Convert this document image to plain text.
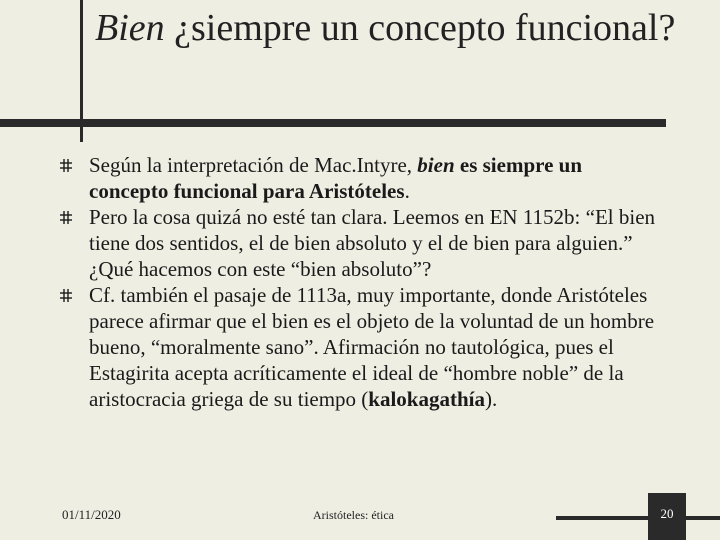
Bien ¿siempre un concepto funcional?
Según la interpretación de Mac.Intyre, bien es siempre un concepto funcional para Aristóteles.
Pero la cosa quizá no esté tan clara. Leemos en EN 1152b: “El bien tiene dos sentidos, el de bien absoluto y el de bien para alguien.” ¿Qué hacemos con este “bien absoluto”?
Cf. también el pasaje de 1113a, muy importante, donde Aristóteles parece afirmar que el bien es el objeto de la voluntad de un hombre bueno, “moralmente sano”. Afirmación no tautológica, pues el Estagirita acepta acríticamente el ideal de “hombre noble” de la aristocracia griega de su tiempo (kalokagathía).
01/11/2020	Aristóteles: ética	20
